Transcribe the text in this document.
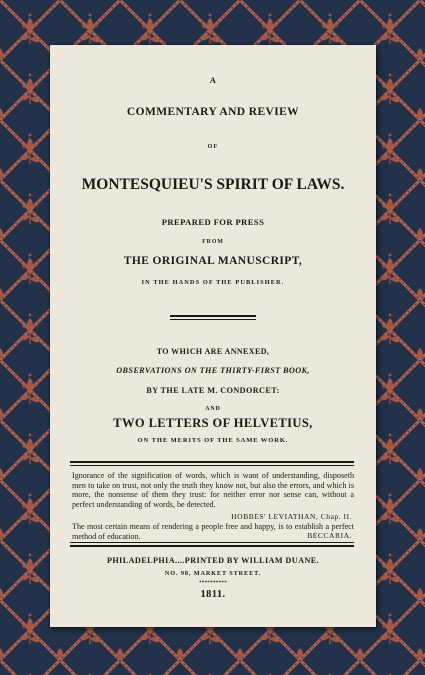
A
COMMENTARY AND REVIEW
OF
MONTESQUIEU'S SPIRIT OF LAWS.
PREPARED FOR PRESS
FROM
THE ORIGINAL MANUSCRIPT,
IN THE HANDS OF THE PUBLISHER.
TO WHICH ARE ANNEXED,
OBSERVATIONS ON THE THIRTY-FIRST BOOK,
BY THE LATE M. CONDORCET:
AND
TWO LETTERS OF HELVETIUS,
ON THE MERITS OF THE SAME WORK.
Ignorance of the signification of words, which is want of understanding, disposeth men to take on trust, not only the truth they know not, but also the errors, and which is more, the nonsense of them they trust: for neither error nor sense can, without a perfect understanding of words, be detected.
HOBBES' LEVIATHAN, Chap. II.
The most certain means of rendering a people free and happy, is to establish a perfect method of education.	BECCARIA.
PHILADELPHIA....PRINTED BY WILLIAM DUANE.
NO. 98, MARKET STREET.
**********
1811.
